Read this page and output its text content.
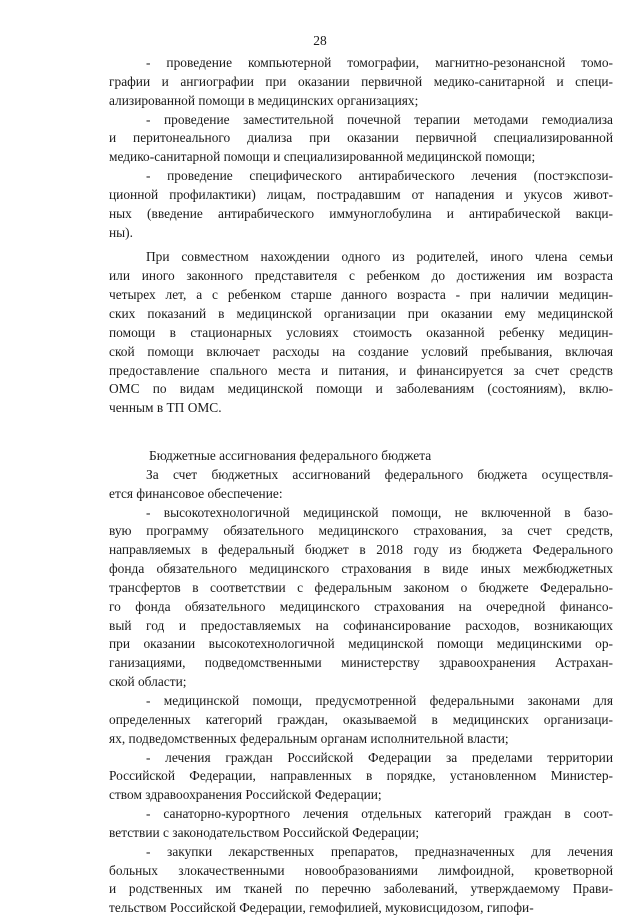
28

- проведение компьютерной томографии, магнитно-резонансной томо-
графии и ангиографии при оказании первичной медико-санитарной и специ-
ализированной помощи в медицинских организациях;

- проведение заместительной почечной терапии методами гемодиализа
и перитонеального диализа при оказании первичной специализированной
медико-санитарной помощи и специализированной медицинской помощи;

- проведение специфического антирабического лечения (постэкспози-
ционной профилактики) лицам, пострадавшим от нападения и укусов живот-
ных (введение антирабического иммуноглобулина и антирабической вакци-
ны).

При совместном нахождении одного из родителей, иного члена семьи
или иного законного представителя с ребенком до достижения им возраста
четырех лет, а с ребенком старше данного возраста - при наличии медицин-
ских показаний в медицинской организации при оказании ему медицинской
помощи в стационарных условиях стоимость оказанной ребенку медицин-
ской помощи включает расходы на создание условий пребывания, включая
предоставление спального места и питания, и финансируется за счет средств
ОМС по видам медицинской помощи и заболеваниям (состояниям), вклю-
ченным в ТП ОМС.

Бюджетные ассигнования федерального бюджета

За счет бюджетных ассигнований федерального бюджета осуществля-
ется финансовое обеспечение:

- высокотехнологичной медицинской помощи, не включенной в базо-
вую программу обязательного медицинского страхования, за счет средств,
направляемых в федеральный бюджет в 2018 году из бюджета Федерального
фонда обязательного медицинского страхования в виде иных межбюджетных
трансфертов в соответствии с федеральным законом о бюджете Федерально-
го фонда обязательного медицинского страхования на очередной финансо-
вый год и предоставляемых на софинансирование расходов, возникающих
при оказании высокотехнологичной медицинской помощи медицинскими ор-
ганизациями, подведомственными министерству здравоохранения Астрахан-
ской области;

- медицинской помощи, предусмотренной федеральными законами для
определенных категорий граждан, оказываемой в медицинских организаци-
ях, подведомственных федеральным органам исполнительной власти;

- лечения граждан Российской Федерации за пределами территории
Российской Федерации, направленных в порядке, установленном Министер-
ством здравоохранения Российской Федерации;

- санаторно-курортного лечения отдельных категорий граждан в соот-
ветствии с законодательством Российской Федерации;

- закупки лекарственных препаратов, предназначенных для лечения
больных злокачественными новообразованиями лимфоидной, кроветворной
и родственных им тканей по перечню заболеваний, утверждаемому Прави-
тельством Российской Федерации, гемофилией, муковисцидозом, гипофи-
